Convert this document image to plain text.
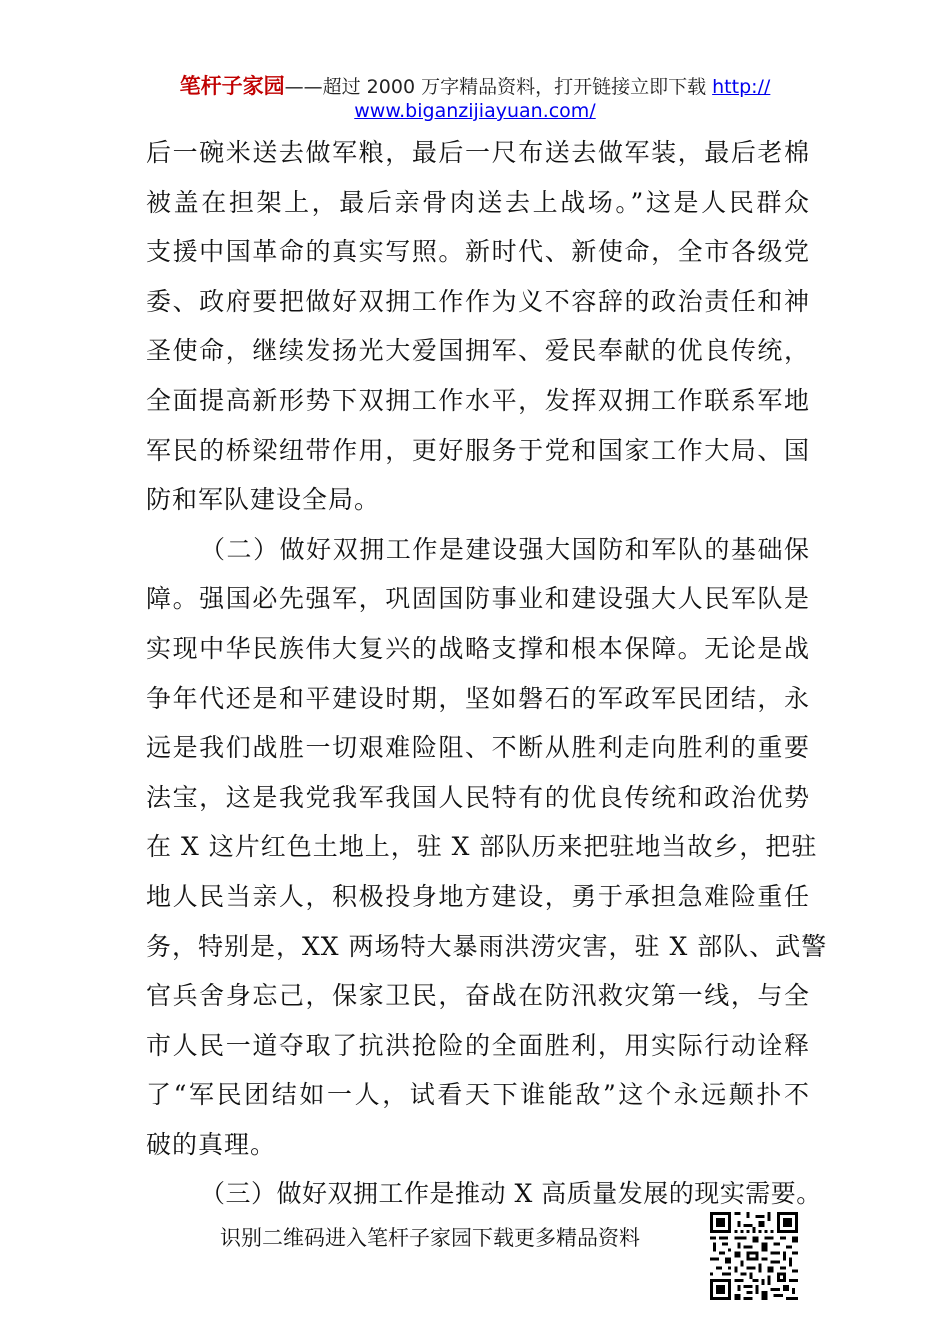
笔杆子家园——超过 2000 万字精品资料，打开链接立即下载 http://
www.biganzijiayuan.com/
后一碗米送去做军粮，最后一尺布送去做军装，最后老棉
被盖在担架上，最后亲骨肉送去上战场。”这是人民群众
支援中国革命的真实写照。新时代、新使命，全市各级党
委、政府要把做好双拥工作作为义不容辞的政治责任和神
圣使命，继续发扬光大爱国拥军、爱民奉献的优良传统，
全面提高新形势下双拥工作水平，发挥双拥工作联系军地
军民的桥梁纽带作用，更好服务于党和国家工作大局、国
防和军队建设全局。
（二）做好双拥工作是建设强大国防和军队的基础保
障。强国必先强军，巩固国防事业和建设强大人民军队是
实现中华民族伟大复兴的战略支撑和根本保障。无论是战
争年代还是和平建设时期，坚如磐石的军政军民团结，永
远是我们战胜一切艰难险阻、不断从胜利走向胜利的重要
法宝，这是我党我军我国人民特有的优良传统和政治优势
在 X 这片红色土地上，驻 X 部队历来把驻地当故乡，把驻
地人民当亲人，积极投身地方建设，勇于承担急难险重任
务，特别是，XX 两场特大暴雨洪涝灾害，驻 X 部队、武警
官兵舍身忘己，保家卫民，奋战在防汛救灾第一线，与全
市人民一道夺取了抗洪抢险的全面胜利，用实际行动诠释
了“军民团结如一人，试看天下谁能敌”这个永远颠扑不
破的真理。
（三）做好双拥工作是推动 X 高质量发展的现实需要。
识别二维码进入笔杆子家园下载更多精品资料
